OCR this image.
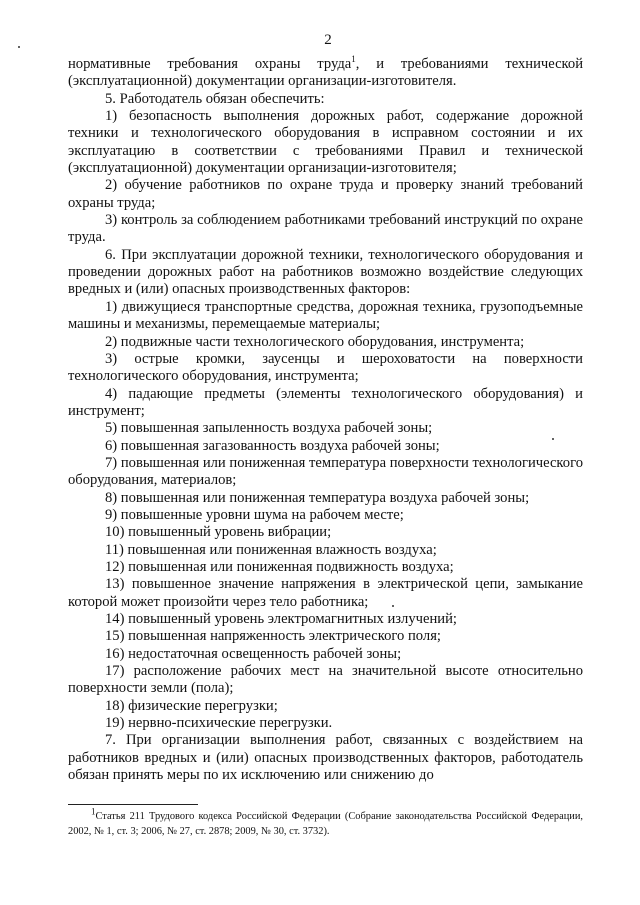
2

нормативные требования охраны труда$^1$, и требованиями технической (эксплуатационной) документации организации-изготовителя.

5. Работодатель обязан обеспечить:

1) безопасность выполнения дорожных работ, содержание дорожной техники и технологического оборудования в исправном состоянии и их эксплуатацию в соответствии с требованиями Правил и технической (эксплуатационной) документации организации-изготовителя;

2) обучение работников по охране труда и проверку знаний требований охраны труда;

3) контроль за соблюдением работниками требований инструкций по охране труда.

6. При эксплуатации дорожной техники, технологического оборудования и проведении дорожных работ на работников возможно воздействие следующих вредных и (или) опасных производственных факторов:

1) движущиеся транспортные средства, дорожная техника, грузоподъемные машины и механизмы, перемещаемые материалы;

2) подвижные части технологического оборудования, инструмента;

3) острые кромки, заусенцы и шероховатости на поверхности технологического оборудования, инструмента;

4) падающие предметы (элементы технологического оборудования) и инструмент;

5) повышенная запыленность воздуха рабочей зоны;

6) повышенная загазованность воздуха рабочей зоны;

7) повышенная или пониженная температура поверхности технологического оборудования, материалов;

8) повышенная или пониженная температура воздуха рабочей зоны;

9) повышенные уровни шума на рабочем месте;

10) повышенный уровень вибрации;

11) повышенная или пониженная влажность воздуха;

12) повышенная или пониженная подвижность воздуха;

13) повышенное значение напряжения в электрической цепи, замыкание которой может произойти через тело работника;

14) повышенный уровень электромагнитных излучений;

15) повышенная напряженность электрического поля;

16) недостаточная освещенность рабочей зоны;

17) расположение рабочих мест на значительной высоте относительно поверхности земли (пола);

18) физические перегрузки;

19) нервно-психические перегрузки.

7. При организации выполнения работ, связанных с воздействием на работников вредных и (или) опасных производственных факторов, работодатель обязан принять меры по их исключению или снижению до

$^1$Статья 211 Трудового кодекса Российской Федерации (Собрание законодательства Российской Федерации, 2002, № 1, ст. 3; 2006, № 27, ст. 2878; 2009, № 30, ст. 3732).
